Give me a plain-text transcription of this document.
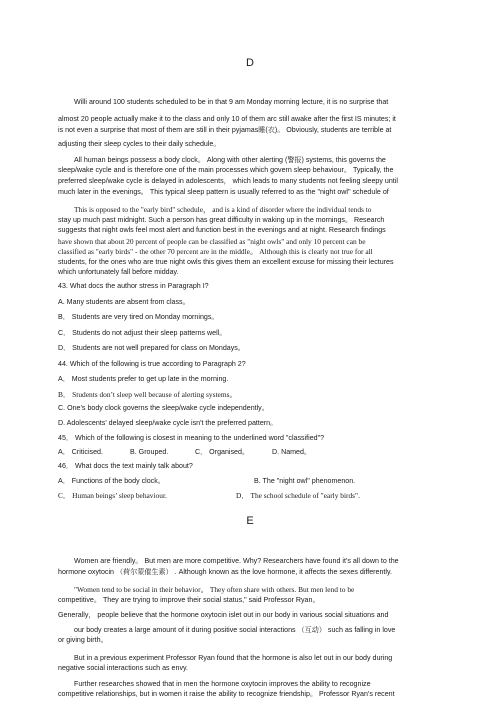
D
Willi around 100 students scheduled to be in that 9 am Monday morning lecture, it is no surprise that
almost 20 people actually make it to the class and only 10 of them arc still awake after the first IS minutes; it
is not even a surprise that most of them are still in their pyjamas睡(衣)。 Obviously, students are terrible at
adjusting their sleep cycles to their daily schedule。
All human beings possess a body clock。 Along with other alerting (警报) systems, this governs the
sleep/wake cycle and is therefore one of the main processes which govern sleep behaviour。 Typically, the
preferred sleep/wake cycle is delayed in adolescents， which leads to many students not feeling sleepy until
much later in the evenings。 This typical sleep pattern is usually referred to as the "night owl" schedule of
This is opposed to the "early bird" schedule， and is a kind of disorder where the individual tends to
stay up much past midnight. Such a person has great difficulty in waking up in the mornings。 Research
suggests that night owls feel most alert and function best in the evenings and at night. Research findings
have shown that about 20 percent of people can be classified as "night owls" and only 10 percent can be
classified as "early birds" - the other 70 percent are in the middle。 Although this is clearly not true for all
students, for the ones who are true night owls this gives them an excellent excuse for missing their lectures
which unfortunately fall before midday.
43. What docs the author stress in Paragraph I?
A. Many students are absent from class。
B． Students are very tired on Monday mornings。
C． Students do not adjust their sleep patterns well。
D． Students are not well prepared for class on Mondays。
44. Which of the following is true according to Paragraph 2?
A． Most students prefer to get up late in the morning.
B． Students don’t sleep well because of alerting systems。
C. One’s body clock governs the sleep/wake cycle independently。
D. Adolescents' delayed sleep/wake cycle isn't the preferred pattern。
45． Which of the following is closest in meaning to the underlined word "classified"?
A． Criticised.	B. Grouped.	C． Organised。	D. Named。
46． What docs the text mainly talk about?
A． Functions of the body clock。	B. The "night owl" phenomenon.
C． Human beings’ sleep behaviour.	D． The school schedule of "early birds".
E
Women are friendly。 But men are more competitive. Why? Researchers have found it’s all down to the
hormone oxytocin （荷尔蒙催生素） . Although known as the love hormone, it affects the sexes differently.
"Women tend to be social in their behavior。 They often share with others. But men lend to be
competitive。 They are trying to improve their social status," said Professor Ryan。
Generally， people believe that the hormone oxytocin islet out in our body in various social situations and
our body creates a large amount of it during positive social interactions （互动） such as falling in love
or giving birth。
But in a previous experiment Professor Ryan found that the hormone is also let out in our body during
negative social interactions such as envy.
Further researches showed that in men the hormone oxytocin improves the ability to recognize
competitive relationships, but in women it raise the ability to recognize friendship。 Professor Ryan’s recent
